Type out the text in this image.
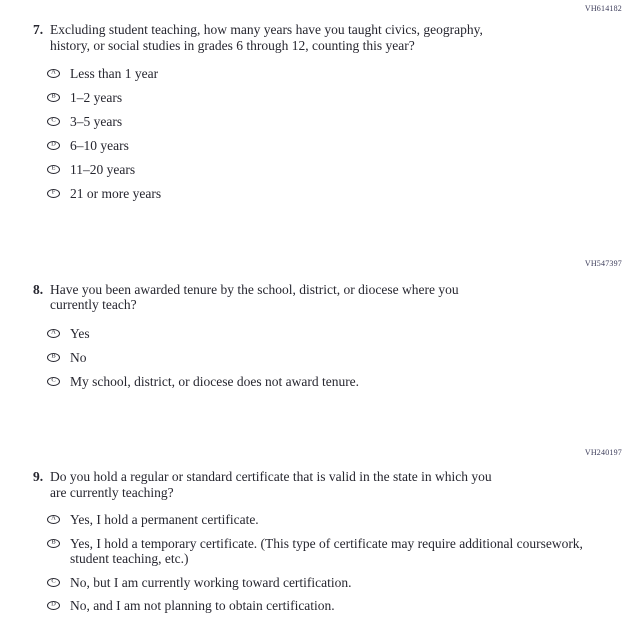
VH614182
7. Excluding student teaching, how many years have you taught civics, geography,
history, or social studies in grades 6 through 12, counting this year?
A Less than 1 year
B 1–2 years
C 3–5 years
D 6–10 years
E 11–20 years
F 21 or more years
VH547397
8. Have you been awarded tenure by the school, district, or diocese where you
currently teach?
A Yes
B No
C My school, district, or diocese does not award tenure.
VH240197
9. Do you hold a regular or standard certificate that is valid in the state in which you
are currently teaching?
A Yes, I hold a permanent certificate.
B Yes, I hold a temporary certificate. (This type of certificate may require additional coursework,
student teaching, etc.)
C No, but I am currently working toward certification.
D No, and I am not planning to obtain certification.
